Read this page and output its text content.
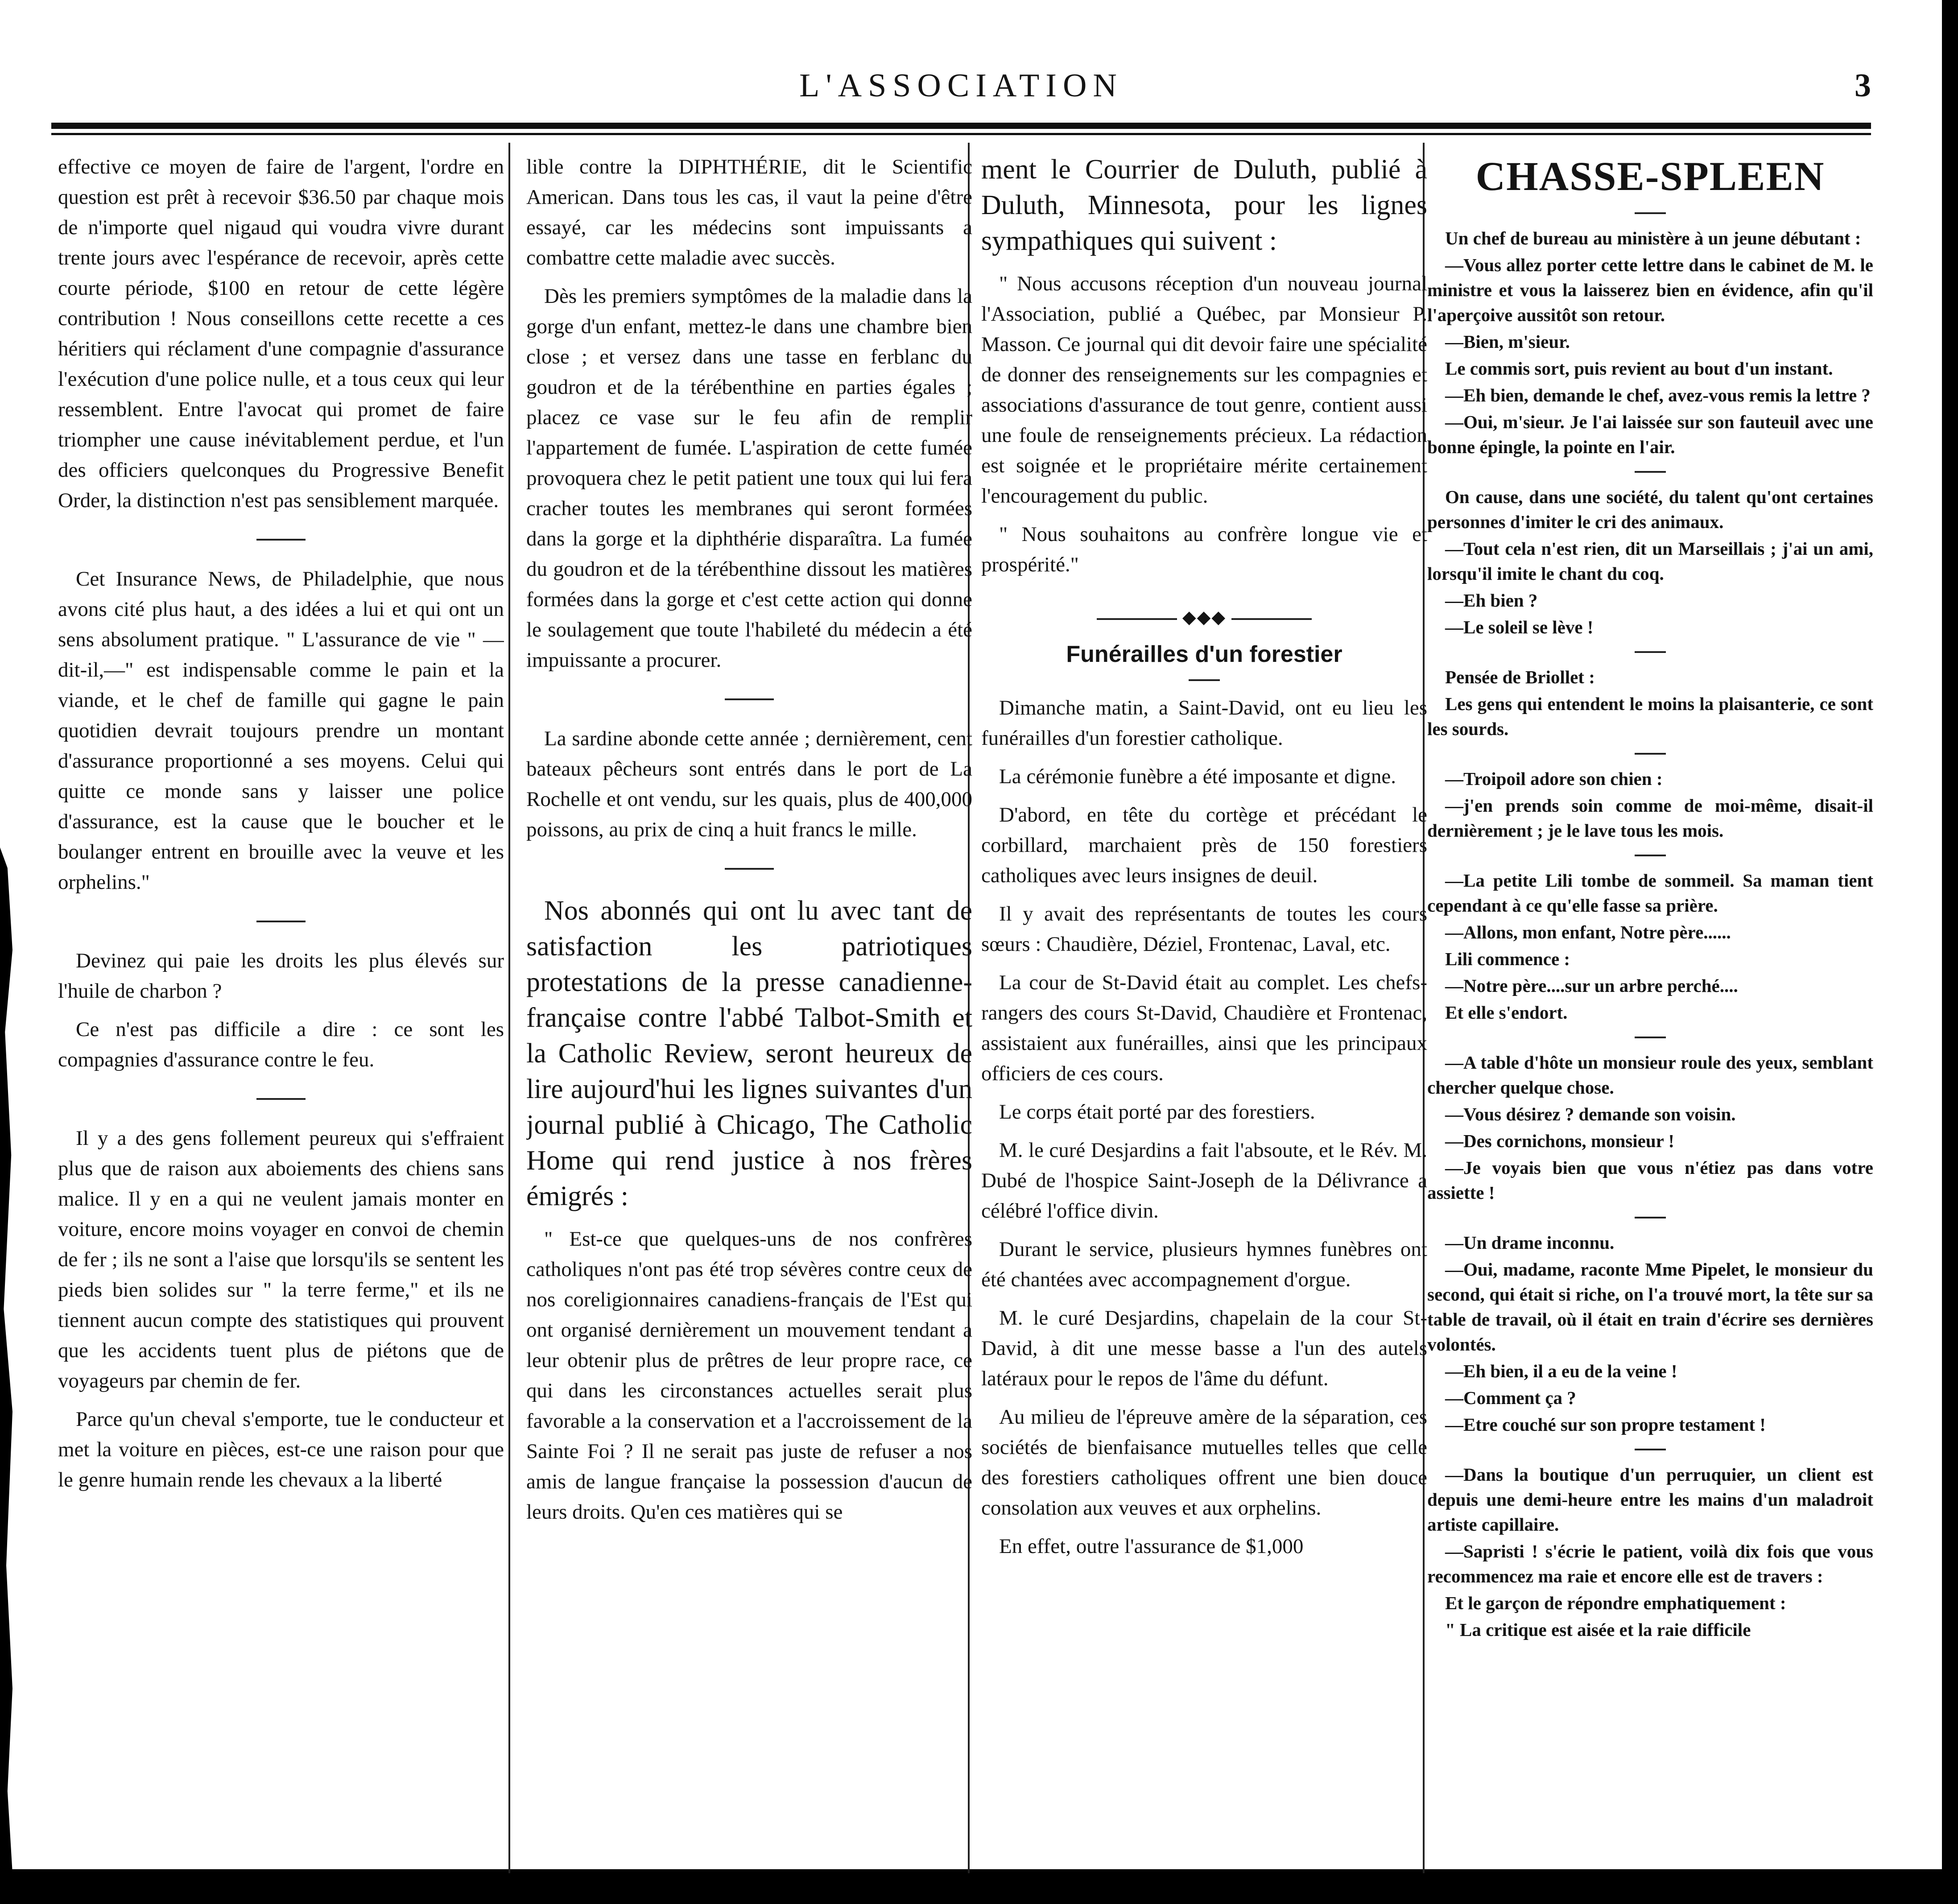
L'ASSOCIATION	3

effective ce moyen de faire de l'argent, l'ordre en question est prêt à recevoir $36.50 par chaque mois de n'importe quel nigaud qui voudra vivre durant trente jours avec l'espérance de recevoir, après cette courte période, $100 en retour de cette légère contribution ! Nous conseillons cette recette a ces héritiers qui réclament d'une compagnie d'assurance l'exécution d'une police nulle, et a tous ceux qui leur ressemblent. Entre l'avocat qui promet de faire triompher une cause inévitablement perdue, et l'un des officiers quelconques du Progressive Benefit Order, la distinction n'est pas sensiblement marquée.

Cet Insurance News, de Philadelphie, que nous avons cité plus haut, a des idées a lui et qui ont un sens absolument pratique. " L'assurance de vie " —dit-il,—" est indispensable comme le pain et la viande, et le chef de famille qui gagne le pain quotidien devrait toujours prendre un montant d'assurance proportionné a ses moyens. Celui qui quitte ce monde sans y laisser une police d'assurance, est la cause que le boucher et le boulanger entrent en brouille avec la veuve et les orphelins."

Devinez qui paie les droits les plus élevés sur l'huile de charbon ?

Ce n'est pas difficile a dire : ce sont les compagnies d'assurance contre le feu.

Il y a des gens follement peureux qui s'effraient plus que de raison aux aboiements des chiens sans malice. Il y en a qui ne veulent jamais monter en voiture, encore moins voyager en convoi de chemin de fer ; ils ne sont a l'aise que lorsqu'ils se sentent les pieds bien solides sur " la terre ferme," et ils ne tiennent aucun compte des statistiques qui prouvent que les accidents tuent plus de piétons que de voyageurs par chemin de fer.

Parce qu'un cheval s'emporte, tue le conducteur et met la voiture en pièces, est-ce une raison pour que le genre humain rende les chevaux a la liberté

lible contre la DIPHTHÉRIE, dit le Scientific American. Dans tous les cas, il vaut la peine d'être essayé, car les médecins sont impuissants a combattre cette maladie avec succès.

Dès les premiers symptômes de la maladie dans la gorge d'un enfant, mettez-le dans une chambre bien close ; et versez dans une tasse en ferblanc du goudron et de la térébenthine en parties égales ; placez ce vase sur le feu afin de remplir l'appartement de fumée. L'aspiration de cette fumée provoquera chez le petit patient une toux qui lui fera cracher toutes les membranes qui seront formées dans la gorge et la diphthérie disparaîtra. La fumée du goudron et de la térébenthine dissout les matières formées dans la gorge et c'est cette action qui donne le soulagement que toute l'habileté du médecin a été impuissante a procurer.

La sardine abonde cette année ; dernièrement, cent bateaux pêcheurs sont entrés dans le port de La Rochelle et ont vendu, sur les quais, plus de 400,000 poissons, au prix de cinq a huit francs le mille.

Nos abonnés qui ont lu avec tant de satisfaction les patriotiques protestations de la presse canadienne-française contre l'abbé Talbot-Smith et la Catholic Review, seront heureux de lire aujourd'hui les lignes suivantes d'un journal publié à Chicago, The Catholic Home qui rend justice à nos frères émigrés :

" Est-ce que quelques-uns de nos confrères catholiques n'ont pas été trop sévères contre ceux de nos coreligionnaires canadiens-français de l'Est qui ont organisé dernièrement un mouvement tendant a leur obtenir plus de prêtres de leur propre race, ce qui dans les circonstances actuelles serait plus favorable a la conservation et a l'accroissement de la Sainte Foi ? Il ne serait pas juste de refuser a nos amis de langue française la possession d'aucun de leurs droits. Qu'en ces matières qui se

ment le Courrier de Duluth, publié à Duluth, Minnesota, pour les lignes sympathiques qui suivent :

" Nous accusons réception d'un nouveau journal l'Association, publié a Québec, par Monsieur P. Masson. Ce journal qui dit devoir faire une spécialité de donner des renseignements sur les compagnies et associations d'assurance de tout genre, contient aussi une foule de renseignements précieux. La rédaction est soignée et le propriétaire mérite certainement l'encouragement du public.

" Nous souhaitons au confrère longue vie et prospérité."

◆◆◆
Funérailles d'un forestier

Dimanche matin, a Saint-David, ont eu lieu les funérailles d'un forestier catholique.

La cérémonie funèbre a été imposante et digne.

D'abord, en tête du cortège et précédant le corbillard, marchaient près de 150 forestiers catholiques avec leurs insignes de deuil.

Il y avait des représentants de toutes les cours sœurs : Chaudière, Déziel, Frontenac, Laval, etc.

La cour de St-David était au complet. Les chefs-rangers des cours St-David, Chaudière et Frontenac, assistaient aux funérailles, ainsi que les principaux officiers de ces cours.

Le corps était porté par des forestiers.

M. le curé Desjardins a fait l'absoute, et le Rév. M. Dubé de l'hospice Saint-Joseph de la Délivrance a célébré l'office divin.

Durant le service, plusieurs hymnes funèbres ont été chantées avec accompagnement d'orgue.

M. le curé Desjardins, chapelain de la cour St-David, à dit une messe basse a l'un des autels latéraux pour le repos de l'âme du défunt.

Au milieu de l'épreuve amère de la séparation, ces sociétés de bienfaisance mutuelles telles que celle des forestiers catholiques offrent une bien douce consolation aux veuves et aux orphelins.

En effet, outre l'assurance de $1,000

CHASSE-SPLEEN

Un chef de bureau au ministère à un jeune débutant :

—Vous allez porter cette lettre dans le cabinet de M. le ministre et vous la laisserez bien en évidence, afin qu'il l'aperçoive aussitôt son retour.

—Bien, m'sieur.

Le commis sort, puis revient au bout d'un instant.

—Eh bien, demande le chef, avez-vous remis la lettre ?

—Oui, m'sieur. Je l'ai laissée sur son fauteuil avec une bonne épingle, la pointe en l'air.

On cause, dans une société, du talent qu'ont certaines personnes d'imiter le cri des animaux.

—Tout cela n'est rien, dit un Marseillais ; j'ai un ami, lorsqu'il imite le chant du coq.

—Eh bien ?

—Le soleil se lève !

Pensée de Briollet :

Les gens qui entendent le moins la plaisanterie, ce sont les sourds.

—Troipoil adore son chien :

—j'en prends soin comme de moi-même, disait-il dernièrement ; je le lave tous les mois.

—La petite Lili tombe de sommeil. Sa maman tient cependant à ce qu'elle fasse sa prière.

—Allons, mon enfant, Notre père......

Lili commence :

—Notre père....sur un arbre perché....

Et elle s'endort.

—A table d'hôte un monsieur roule des yeux, semblant chercher quelque chose.

—Vous désirez ? demande son voisin.

—Des cornichons, monsieur !

—Je voyais bien que vous n'étiez pas dans votre assiette !

—Un drame inconnu.

—Oui, madame, raconte Mme Pipelet, le monsieur du second, qui était si riche, on l'a trouvé mort, la tête sur sa table de travail, où il était en train d'écrire ses dernières volontés.

—Eh bien, il a eu de la veine !

—Comment ça ?

—Etre couché sur son propre testament !

—Dans la boutique d'un perruquier, un client est depuis une demi-heure entre les mains d'un maladroit artiste capillaire.

—Sapristi ! s'écrie le patient, voilà dix fois que vous recommencez ma raie et encore elle est de travers :

Et le garçon de répondre emphatiquement :

" La critique est aisée et la raie difficile
